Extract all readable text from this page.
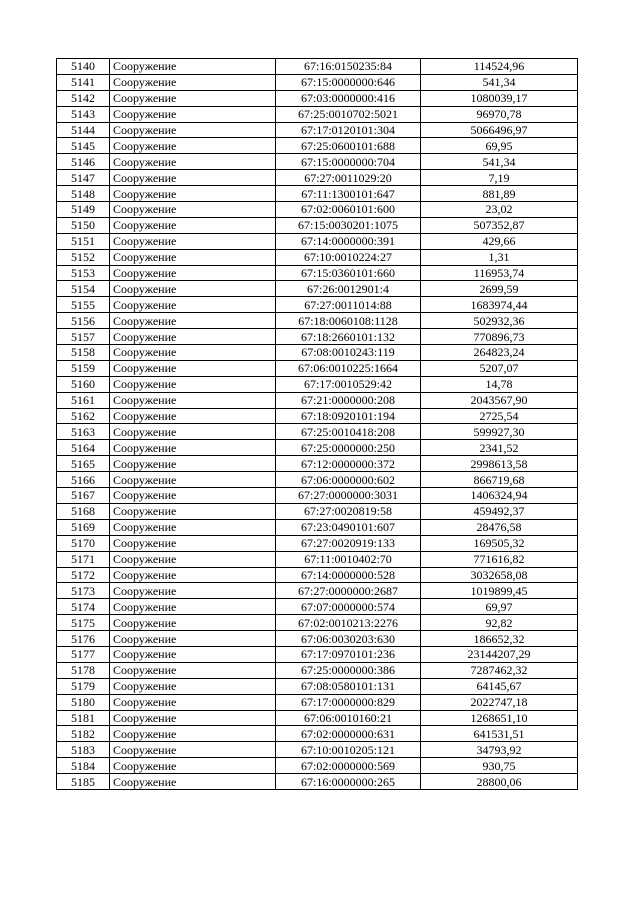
5140	Сооружение	67:16:0150235:84	114524,96
5141	Сооружение	67:15:0000000:646	541,34
5142	Сооружение	67:03:0000000:416	1080039,17
5143	Сооружение	67:25:0010702:5021	96970,78
5144	Сооружение	67:17:0120101:304	5066496,97
5145	Сооружение	67:25:0600101:688	69,95
5146	Сооружение	67:15:0000000:704	541,34
5147	Сооружение	67:27:0011029:20	7,19
5148	Сооружение	67:11:1300101:647	881,89
5149	Сооружение	67:02:0060101:600	23,02
5150	Сооружение	67:15:0030201:1075	507352,87
5151	Сооружение	67:14:0000000:391	429,66
5152	Сооружение	67:10:0010224:27	1,31
5153	Сооружение	67:15:0360101:660	116953,74
5154	Сооружение	67:26:0012901:4	2699,59
5155	Сооружение	67:27:0011014:88	1683974,44
5156	Сооружение	67:18:0060108:1128	502932,36
5157	Сооружение	67:18:2660101:132	770896,73
5158	Сооружение	67:08:0010243:119	264823,24
5159	Сооружение	67:06:0010225:1664	5207,07
5160	Сооружение	67:17:0010529:42	14,78
5161	Сооружение	67:21:0000000:208	2043567,90
5162	Сооружение	67:18:0920101:194	2725,54
5163	Сооружение	67:25:0010418:208	599927,30
5164	Сооружение	67:25:0000000:250	2341,52
5165	Сооружение	67:12:0000000:372	2998613,58
5166	Сооружение	67:06:0000000:602	866719,68
5167	Сооружение	67:27:0000000:3031	1406324,94
5168	Сооружение	67:27:0020819:58	459492,37
5169	Сооружение	67:23:0490101:607	28476,58
5170	Сооружение	67:27:0020919:133	169505,32
5171	Сооружение	67:11:0010402:70	771616,82
5172	Сооружение	67:14:0000000:528	3032658,08
5173	Сооружение	67:27:0000000:2687	1019899,45
5174	Сооружение	67:07:0000000:574	69,97
5175	Сооружение	67:02:0010213:2276	92,82
5176	Сооружение	67:06:0030203:630	186652,32
5177	Сооружение	67:17:0970101:236	23144207,29
5178	Сооружение	67:25:0000000:386	7287462,32
5179	Сооружение	67:08:0580101:131	64145,67
5180	Сооружение	67:17:0000000:829	2022747,18
5181	Сооружение	67:06:0010160:21	1268651,10
5182	Сооружение	67:02:0000000:631	641531,51
5183	Сооружение	67:10:0010205:121	34793,92
5184	Сооружение	67:02:0000000:569	930,75
5185	Сооружение	67:16:0000000:265	28800,06
